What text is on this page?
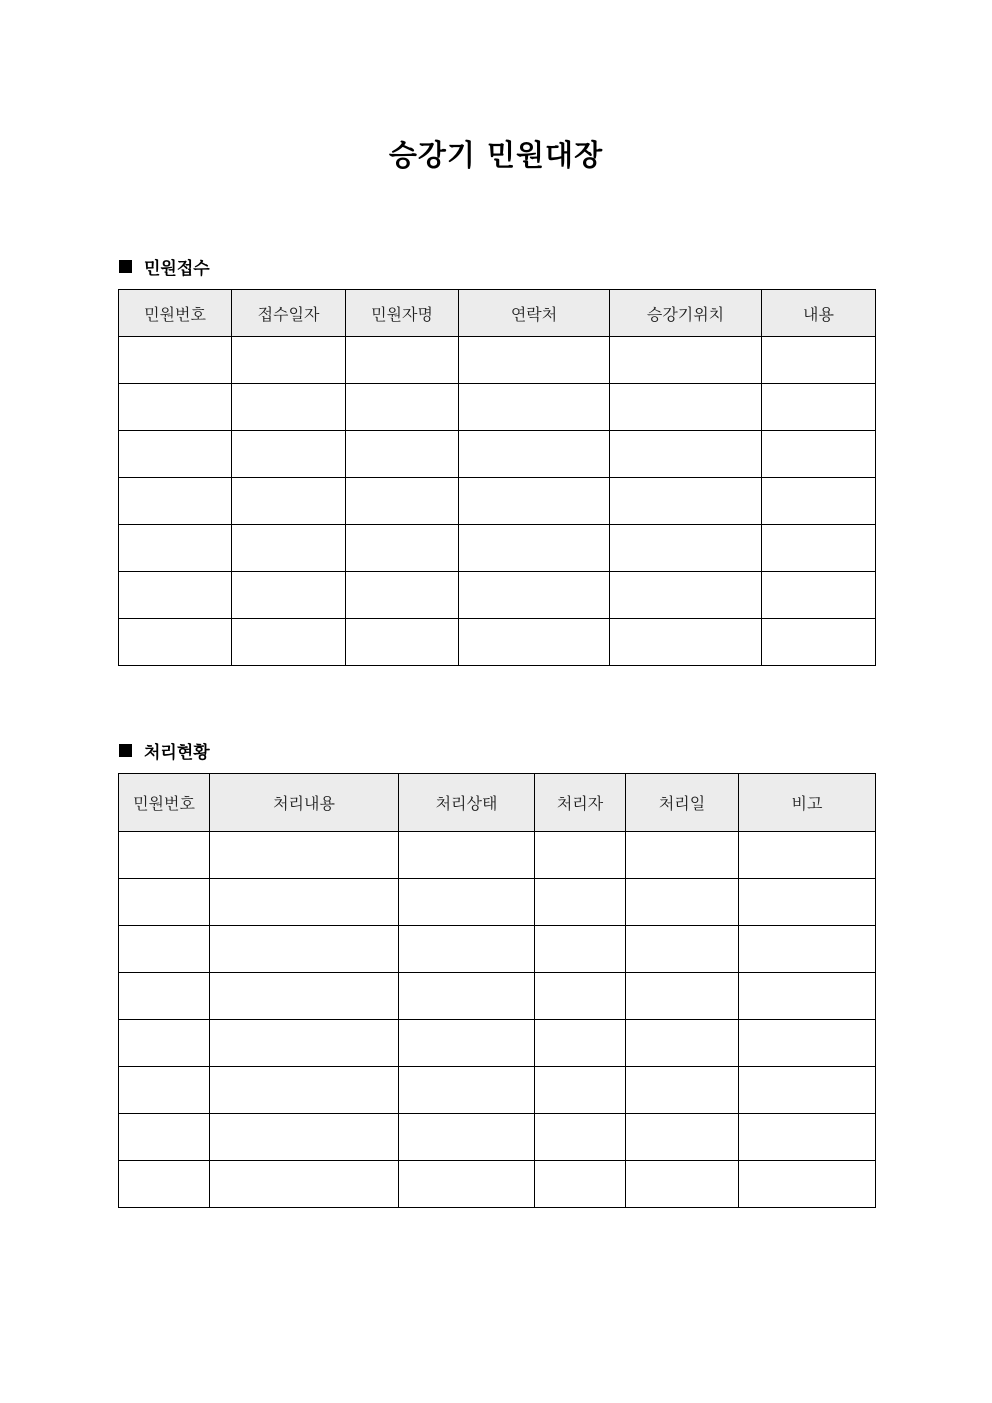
승강기 민원대장
민원접수
민원번호	접수일자	민원자명	연락처	승강기위치	내용

처리현황
민원번호	처리내용	처리상태	처리자	처리일	비고
